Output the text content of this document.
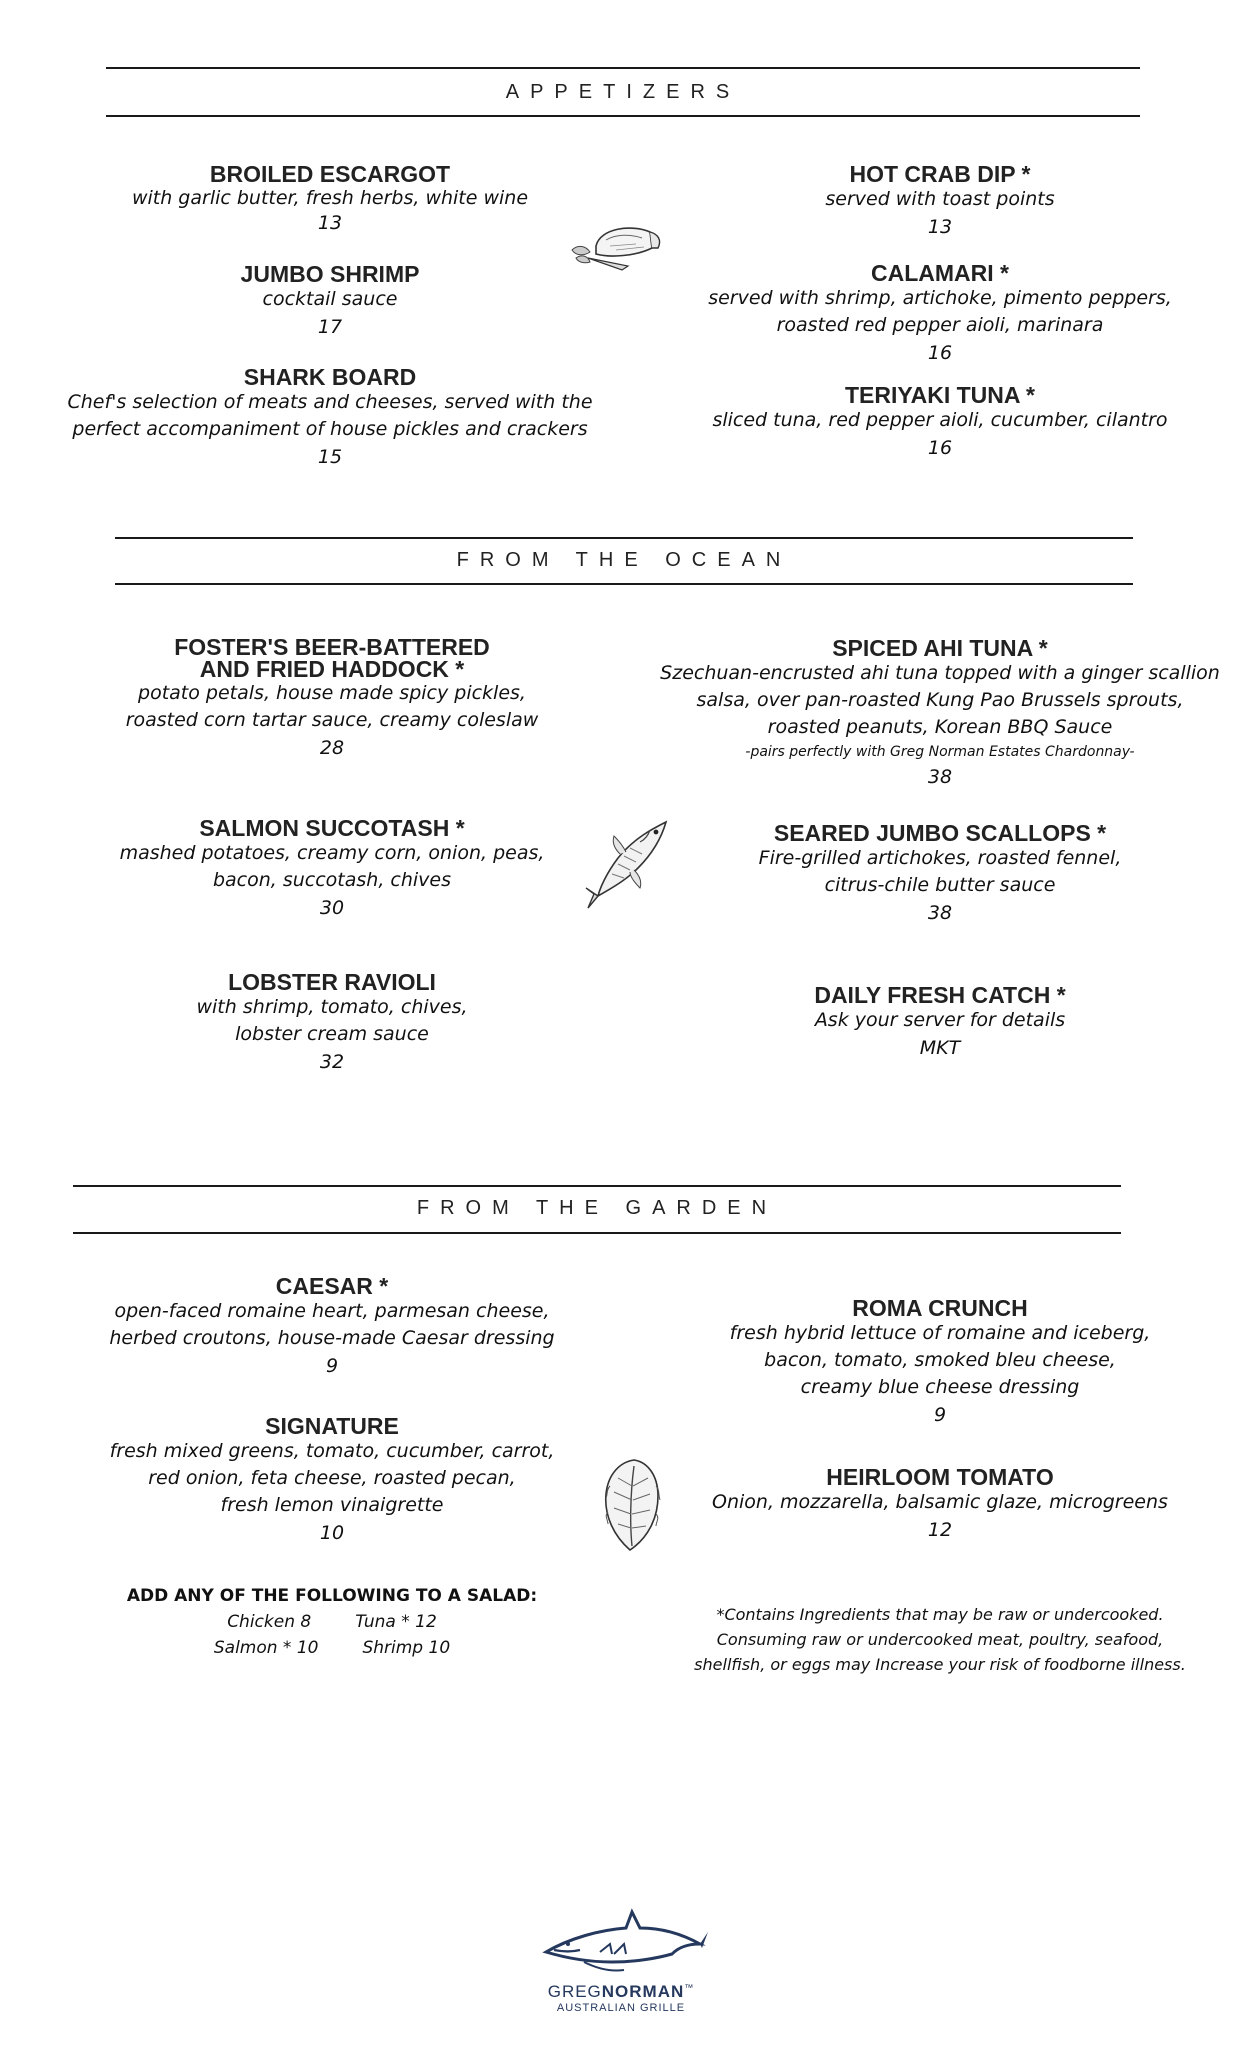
APPETIZERS
BROILED ESCARGOT
with garlic butter, fresh herbs, white wine
13
JUMBO SHRIMP
cocktail sauce
17
SHARK BOARD
Chef's selection of meats and cheeses, served with the
perfect accompaniment of house pickles and crackers
15
HOT CRAB DIP *
served with toast points
13
CALAMARI *
served with shrimp, artichoke, pimento peppers,
roasted red pepper aioli, marinara
16
TERIYAKI TUNA *
sliced tuna, red pepper aioli, cucumber, cilantro
16
FROM THE OCEAN
FOSTER'S BEER-BATTERED
AND FRIED HADDOCK *
potato petals, house made spicy pickles,
roasted corn tartar sauce, creamy coleslaw
28
SALMON SUCCOTASH *
mashed potatoes, creamy corn, onion, peas,
bacon, succotash, chives
30
LOBSTER RAVIOLI
with shrimp, tomato, chives,
lobster cream sauce
32
SPICED AHI TUNA *
Szechuan-encrusted ahi tuna topped with a ginger scallion
salsa, over pan-roasted Kung Pao Brussels sprouts,
roasted peanuts, Korean BBQ Sauce
-pairs perfectly with Greg Norman Estates Chardonnay-
38
SEARED JUMBO SCALLOPS *
Fire-grilled artichokes, roasted fennel,
citrus-chile butter sauce
38
DAILY FRESH CATCH *
Ask your server for details
MKT
FROM THE GARDEN
CAESAR *
open-faced romaine heart, parmesan cheese,
herbed croutons, house-made Caesar dressing
9
SIGNATURE
fresh mixed greens, tomato, cucumber, carrot,
red onion, feta cheese, roasted pecan,
fresh lemon vinaigrette
10
ADD ANY OF THE FOLLOWING TO A SALAD:
Chicken 8	Tuna * 12
Salmon * 10	Shrimp 10
ROMA CRUNCH
fresh hybrid lettuce of romaine and iceberg,
bacon, tomato, smoked bleu cheese,
creamy blue cheese dressing
9
HEIRLOOM TOMATO
Onion, mozzarella, balsamic glaze, microgreens
12
*Contains Ingredients that may be raw or undercooked.
Consuming raw or undercooked meat, poultry, seafood,
shellfish, or eggs may Increase your risk of foodborne illness.
GREGNORMAN™
AUSTRALIAN GRILLE
